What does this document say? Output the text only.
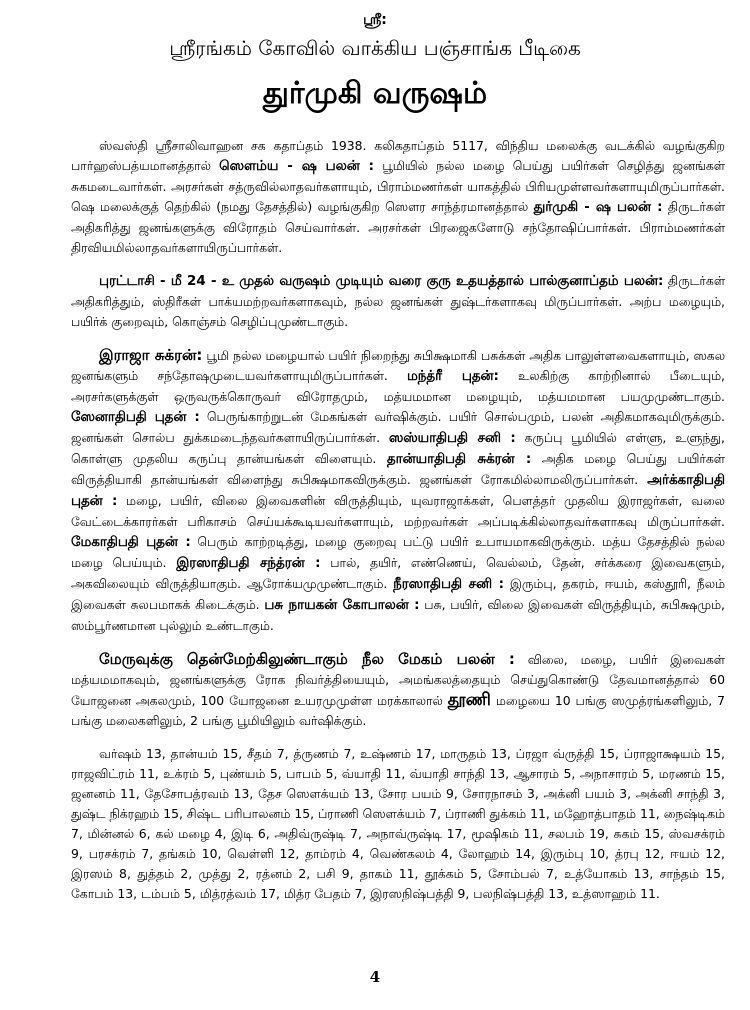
ஸ்ரீ:
ஸ்ரீரங்கம் கோவில் வாக்கிய பஞ்சாங்க பீடிகை
துர்முகி வருஷம்

ஸ்வஸ்தி ஸ்ரீசாலிவாஹன சக கதாப்தம் 1938. கலிகதாப்தம் 5117, விந்திய மலைக்கு வடக்கில் வழங்குகிற பார்ஹஸ்பத்யமானத்தால் ஸௌம்ய - ஷ பலன் : பூமியில் நல்ல மழை பெய்து பயிர்கள் செழித்து ஜனங்கள் சுகமடைவார்கள். அரசர்கள் சத்ருவில்லாதவர்களாயும், பிராம்மணர்கள் யாகத்தில் பிரியமுள்ளவர்களாயுமிருப்பார்கள். ஷெ மலைக்குத் தெற்கில் (நமது தேசத்தில்) வழங்குகிற ஸௌர சாந்த்ரமானத்தால் துர்முகி - ஷ பலன் : திருடர்கள் அதிகரித்து ஜனங்களுக்கு விரோதம் செய்வார்கள். அரசர்கள் பிரஜைகளோடு சந்தோஷிப்பார்கள். பிராம்மணர்கள் திரவியமில்லாதவர்களாயிருப்பார்கள்.

புரட்டாசி - மீ 24 - உ முதல் வருஷம் முடியும் வரை குரு உதயத்தால் பால்குனாப்தம் பலன்: திருடர்கள் அதிகரித்தும், ஸ்திரீகள் பாக்யமற்றவர்களாகவும், நல்ல ஜனங்கள் துஷ்டர்களாகவு மிருப்பார்கள். அற்ப மழையும், பயிர்க் குறைவும், கொஞ்சம் செழிப்புமுண்டாகும்.

இராஜா சுக்ரன்: பூமி நல்ல மழையால் பயிர் நிறைந்து சுபிக்ஷமாகி பசுக்கள் அதிக பாலுள்ளவைகளாயும், ஸகல ஜனங்களும் சந்தோஷமுடையவர்களாயுமிருப்பார்கள். மந்த்ரீ புதன்: உலகிற்கு காற்றினால் பீடையும், அரசர்களுக்குள் ஒருவருக்கொருவர் விரோதமும், மத்யமமான மழையும், மத்யமமான பயமுமுண்டாகும். ஸேனாதிபதி புதன் : பெருங்காற்றுடன் மேகங்கள் வர்ஷிக்கும். பயிர் சொல்பமும், பலன் அதிகமாகவுமிருக்கும். ஜனங்கள் சொல்ப துக்கமடைந்தவர்களாயிருப்பார்கள். ஸஸ்யாதிபதி சனி : கருப்பு பூமியில் எள்ளு, உளுந்து, கொள்ளு முதலிய கருப்பு தான்யங்கள் விளையும். தான்யாதிபதி சுக்ரன் : அதிக மழை பெய்து பயிர்கள் விருத்தியாகி தான்யங்கள் விளைந்து சுபிக்ஷமாகவிருக்கும். ஜனங்கள் ரோகமில்லாமலிருப்பார்கள். அர்க்காதிபதி புதன் : மழை, பயிர், விலை இவைகளின் விருத்தியும், யுவராஜாக்கள், பௌத்தர் முதலிய இராஜர்கள், வலை வேட்டைக்காரர்கள் பரிகாசம் செய்யக்கூடியவர்களாயும், மற்றவர்கள் அப்படிக்கில்லாதவர்களாகவு மிருப்பார்கள். மேகாதிபதி புதன் : பெரும் காற்றடித்து, மழை குறைவு பட்டு பயிர் உபாயமாகவிருக்கும். மத்ய தேசத்தில் நல்ல மழை பெய்யும். இரஸாதிபதி சந்த்ரன் : பால், தயிர், எண்ணெய், வெல்லம், தேன், சர்க்கரை இவைகளும், அகவிலையும் விருத்தியாகும். ஆரோக்யமுமுண்டாகும். நீரஸாதிபதி சனி : இரும்பு, தகரம், ஈயம், கஸ்தூரி, நீலம் இவைகள் சுலபமாகக் கிடைக்கும். பசு நாயகன் கோபாலன் : பசு, பயிர், விலை இவைகள் விருத்தியும், சுபிக்ஷமும், ஸம்பூர்ணமான புல்லும் உண்டாகும்.

மேருவுக்கு தென்மேற்கிலுண்டாகும் நீல மேகம் பலன் : விலை, மழை, பயிர் இவைகள் மத்யமமாகவும், ஜனங்களுக்கு ரோக நிவர்த்தியையும், அமங்கலத்தையும் செய்துகொண்டு தேவமானத்தால் 60 யோஜனை அகலமும், 100 யோஜனை உயரமுமுள்ள மரக்காலால் தூணி மழையை 10 பங்கு ஸமுத்ரங்களிலும், 7 பங்கு மலைகளிலும், 2 பங்கு பூமியிலும் வர்ஷிக்கும்.

வர்ஷம் 13, தான்யம் 15, சீதம் 7, த்ருணம் 7, உஷ்ணம் 17, மாருதம் 13, ப்ரஜா வ்ருத்தி 15, ப்ராஜாக்ஷயம் 15, ராஜவிட்ரம் 11, உக்ரம் 5, புண்யம் 5, பாபம் 5, வ்யாதி 11, வ்யாதி சாந்தி 13, ஆசாரம் 5, அநாசாரம் 5, மரணம் 15, ஜனனம் 11, தேசோபத்ரவம் 13, தேச ஸௌக்யம் 13, சோர பயம் 9, சோரநாசம் 3, அக்னி பயம் 3, அக்னி சாந்தி 3, துஷ்ட நிக்ரஹம் 15, சிஷ்ட பரிபாலனம் 15, ப்ராணி ஸௌக்யம் 7, ப்ராணி துக்கம் 11, மஹோத்பாதம் 11, நைஷ்டிகம் 7, மின்னல் 6, கல் மழை 4, இடி 6, அதிவ்ருஷ்டி 7, அநாவ்ருஷ்டி 17, மூஷிகம் 11, சலபம் 19, சுகம் 15, ஸ்வசக்ரம் 9, பரசக்ரம் 7, தங்கம் 10, வெள்ளி 12, தாம்ரம் 4, வெண்கலம் 4, லோஹம் 14, இரும்பு 10, த்ரபு 12, ஈயம் 12, இரஸம் 8, துத்தம் 2, முத்து 2, ரத்னம் 2, பசி 9, தாகம் 11, தூக்கம் 5, சோம்பல் 7, உத்யோகம் 13, சாந்தம் 15, கோபம் 13, டம்பம் 5, மித்ரத்வம் 17, மித்ர பேதம் 7, இரஸநிஷ்பத்தி 9, பலநிஷ்பத்தி 13, உத்ஸாஹம் 11.

4
